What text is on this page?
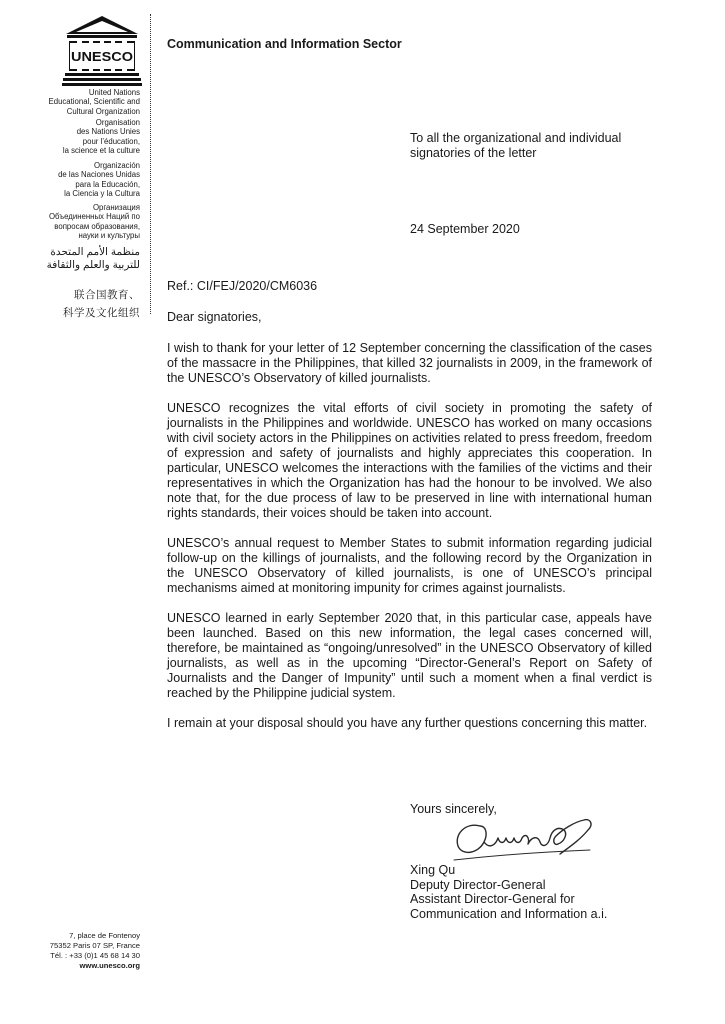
UNESCO
United Nations
Educational, Scientific and
Cultural Organization
Organisation
des Nations Unies
pour l’éducation,
la science et la culture
Organización
de las Naciones Unidas
para la Educación,
la Ciencia y la Cultura
Организация
Объединенных Наций по
вопросам образования,
науки и культуры
منظمة الأمم المتحدة
للتربية والعلم والثقافة
联合国教育、
科学及文化组织
7, place de Fontenoy
75352 Paris 07 SP, France
Tél. : +33 (0)1 45 68 14 30
www.unesco.org
Communication and Information Sector
To all the organizational and individual
signatories of the letter
24 September 2020
Ref.: CI/FEJ/2020/CM6036
Dear signatories,

I wish to thank for your letter of 12 September concerning the classification of the cases of the massacre in the Philippines, that killed 32 journalists in 2009, in the framework of the UNESCO’s Observatory of killed journalists.

UNESCO recognizes the vital efforts of civil society in promoting the safety of journalists in the Philippines and worldwide. UNESCO has worked on many occasions with civil society actors in the Philippines on activities related to press freedom, freedom of expression and safety of journalists and highly appreciates this cooperation. In particular, UNESCO welcomes the interactions with the families of the victims and their representatives in which the Organization has had the honour to be involved. We also note that, for the due process of law to be preserved in line with international human rights standards, their voices should be taken into account.

UNESCO’s annual request to Member States to submit information regarding judicial follow-up on the killings of journalists, and the following record by the Organization in the UNESCO Observatory of killed journalists, is one of UNESCO’s principal mechanisms aimed at monitoring impunity for crimes against journalists.

UNESCO learned in early September 2020 that, in this particular case, appeals have been launched. Based on this new information, the legal cases concerned will, therefore, be maintained as “ongoing/unresolved” in the UNESCO Observatory of killed journalists, as well as in the upcoming “Director-General’s Report on Safety of Journalists and the Danger of Impunity” until such a moment when a final verdict is reached by the Philippine judicial system.

I remain at your disposal should you have any further questions concerning this matter.

Yours sincerely,
Xing Qu
Deputy Director-General
Assistant Director-General for
Communication and Information a.i.
